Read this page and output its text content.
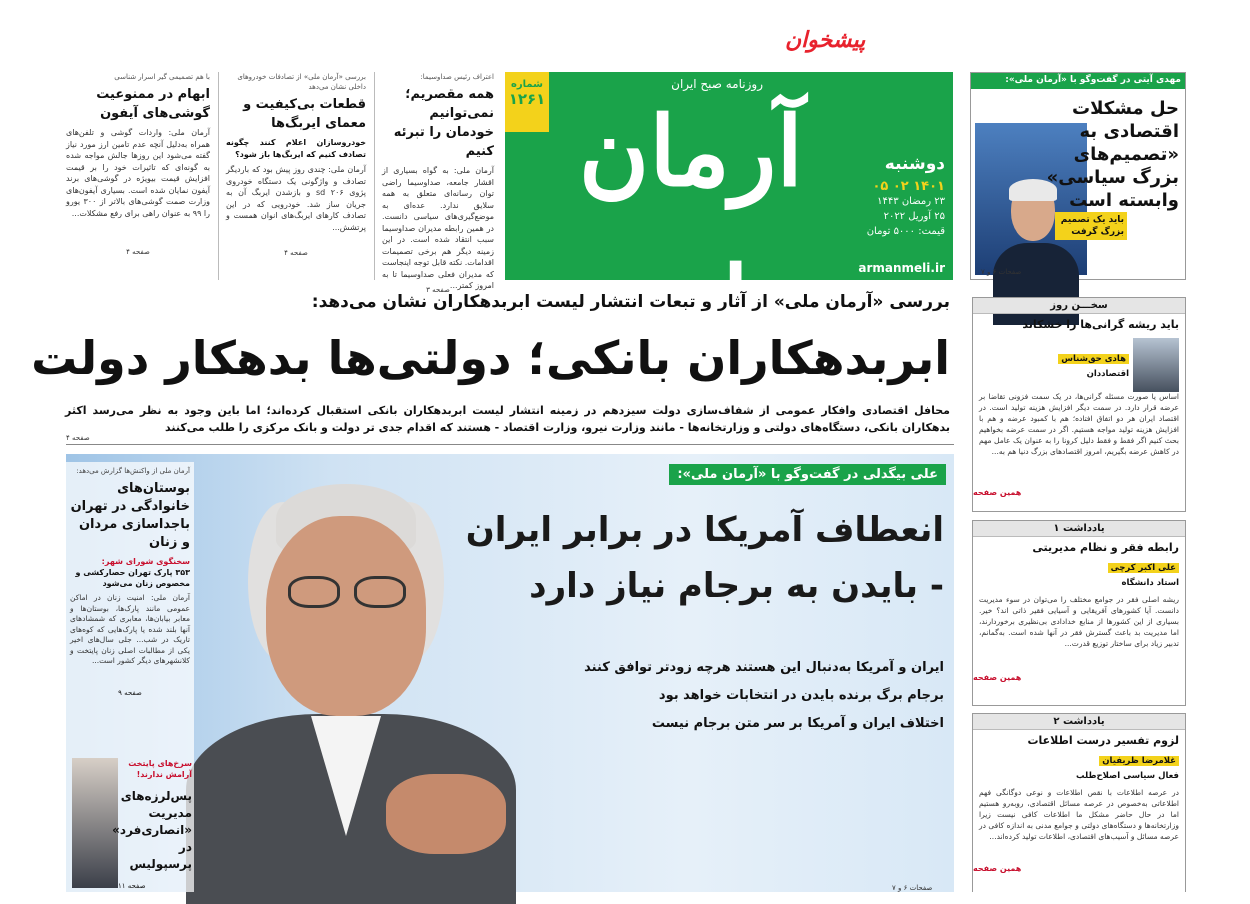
پیشخوان
اعتراف رئیس صداوسیما:
همه مقصریم؛ نمی‌توانیم خودمان را تبرئه کنیم
آرمان ملی: به گواه بسیاری از اقشار جامعه، صداوسیما راضی توان رسانه‌ای متعلق به همه سلایق ندارد. عده‌ای به موضع‌گیری‌های سیاسی دانست. در همین رابطه مدیران صداوسیما سبب انتقاد شده است. در این زمینه دیگر هم برخی تصمیمات اقدامات. نکته قابل توجه اینجاست که مدیران فعلی صداوسیما تا به امروز کمتر...
صفحه ۳
بررسی «آرمان ملی» از تصادفات خودروهای داخلی نشان می‌دهد
قطعات بی‌کیفیت و معمای ایربگ‌ها
خودروسازان اعلام کنند چگونه تصادف کنیم که ایربگ‌ها باز شود؟
آرمان ملی: چندی روز پیش بود که باردیگر تصادف و واژگونی یک دستگاه خودروی پژوی ۲۰۶ sd و بازشدن ایربگ آن به جریان ساز شد. خودرویی که در این تصادف کارهای ایربگ‌های انوان همست و پرتشش...
صفحه ۴
با هم تصمیمی گیر اسرار شناسی
ابهام در ممنوعیت گوشی‌های آیفون
آرمان ملی: واردات گوشی و تلفن‌های همراه به‌دلیل آنچه عدم تامین ارز مورد نیاز گفته می‌شود این روزها جالش مواجه شده به گونه‌ای که تاثیرات خود را بر قیمت افزایش قیمت بیویژه در گوشی‌های برند آیفون نمایان شده است. بسیاری آیفون‌های وزارت صمت گوشی‌های بالاتر از ۳۰۰ یورو را ۹۹ به عنوان راهی برای رفع مشکلات...
صفحه ۴
آرمان ملی
روزنامه صبح ایران
شماره
۱۲۶۱
دوشنبه
۱۴۰۱ ۰۲ ۰۵
۲۳ رمضان ۱۴۴۳
۲۵ آوریل ۲۰۲۲
قیمت: ۵۰۰۰ تومان
armanmeli.ir
مهدی آیتی در گفت‌وگو با «آرمان ملی»:
حل مشکلات اقتصادی به «تصمیم‌های بزرگ سیاسی» وابسته است
باید یک تصمیم بزرگ گرفت
صفحات ۶ و ۷
بررسی «آرمان ملی» از آثار و تبعات انتشار لیست ابربدهکاران نشان می‌دهد:
ابربدهکاران بانکی؛ دولتی‌ها بدهکار دولت
محافل اقتصادی وافکار عمومی از شفاف‌سازی دولت سیزدهم در زمینه انتشار لیست ابربدهکاران بانکی استقبال کرده‌اند؛ اما باین وجود به نظر می‌رسد اکثر بدهکاران بانکی، دستگاه‌های دولتی و وزارتخانه‌ها - مانند وزارت نیرو، وزارت اقتصاد - هستند که اقدام جدی تر دولت و بانک مرکزی را طلب می‌کنند
صفحه ۴
علی بیگدلی در گفت‌وگو با «آرمان ملی»:
انعطاف آمریکا در برابر ایران
- بایدن به برجام نیاز دارد
ایران و آمریکا به‌دنبال این هستند هرچه زودتر توافق کنند
برجام برگ برنده بایدن در انتخابات خواهد بود
اختلاف ایران و آمریکا بر سر متن برجام نیست
صفحات ۶ و ۷
آرمان ملی از واکنش‌ها گزارش می‌دهد:
بوستان‌های خانوادگی در تهران باجداسازی مردان و زنان
سخنگوی شورای شهر:
۳۵۳ پارک تهران حصارکشی و مخصوص زنان می‌شود
آرمان ملی: امنیت زنان در اماکن عمومی مانند پارک‌ها، بوستان‌ها و معابر بیابان‌ها، معابری که شمشادهای آنها بلند شده یا پارک‌هایی که کوه‌های تاریک در شب... جلی سال‌های اخیر یکی از مطالبات اصلی زنان پایتخت و کلانشهرهای دیگر کشور است...
صفحه ۹
سرخ‌های پایتخت آرامش ندارند!
پس‌لرزه‌های مدیریت «انصاری‌فرد» در پرسپولیس
صفحه ۱۱
سخـــن روز
باید ریشه گرانی‌ها را خشکاند
هادی حق‌شناس
اقتصاددان
اساس یا صورت مسئله گرانی‌ها، در یک سمت فزونی تقاضا بر عرضه قرار دارد. در سمت دیگر افزایش هزینه تولید است. در اقتصاد ایران هر دو اتفاق افتاده؛ هم با کمبود عرضه و هم با افزایش هزینه تولید مواجه هستیم. اگر در سمت عرضه بخواهیم بحث کنیم اگر فقط و فقط دلیل کرونا را به عنوان یک عامل مهم در کاهش عرضه بگیریم، امروز اقتصادهای بزرگ دنیا هم به...
همین صفحه
یادداشت ۱
رابطه فقر و نظام مدیریتی
علی اکبر کرچی
استاد دانشگاه
ریشه اصلی فقر در جوامع مختلف را می‌توان در سوء مدیریت دانست. آیا کشورهای آفریقایی و آسیایی فقیر ذاتی اند؟ خیر. بسیاری از این کشورها از منابع خدادادی بی‌نظیری برخوردارند، اما مدیریت بد باعث گسترش فقر در آنها شده است. به‌گمانم، تدبیر زیاد برای ساختار توزیع قدرت...
همین صفحه
یادداشت ۲
لزوم تفسیر درست اطلاعات
غلامرضا ظریفیان
فعال سیاسی اصلاح‌طلب
در عرصه اطلاعات با نقص اطلاعات و نوعی دوگانگی فهم اطلاعاتی به‌خصوص در عرصه مسائل اقتصادی، روبه‌رو هستیم اما در حال حاضر مشکل ما اطلاعات کافی نیست زیرا وزارتخانه‌ها و دستگاه‌های دولتی و جوامع مدنی به اندازه کافی در عرصه مسائل و آسیب‌های اقتصادی، اطلاعات تولید کرده‌اند...
همین صفحه
